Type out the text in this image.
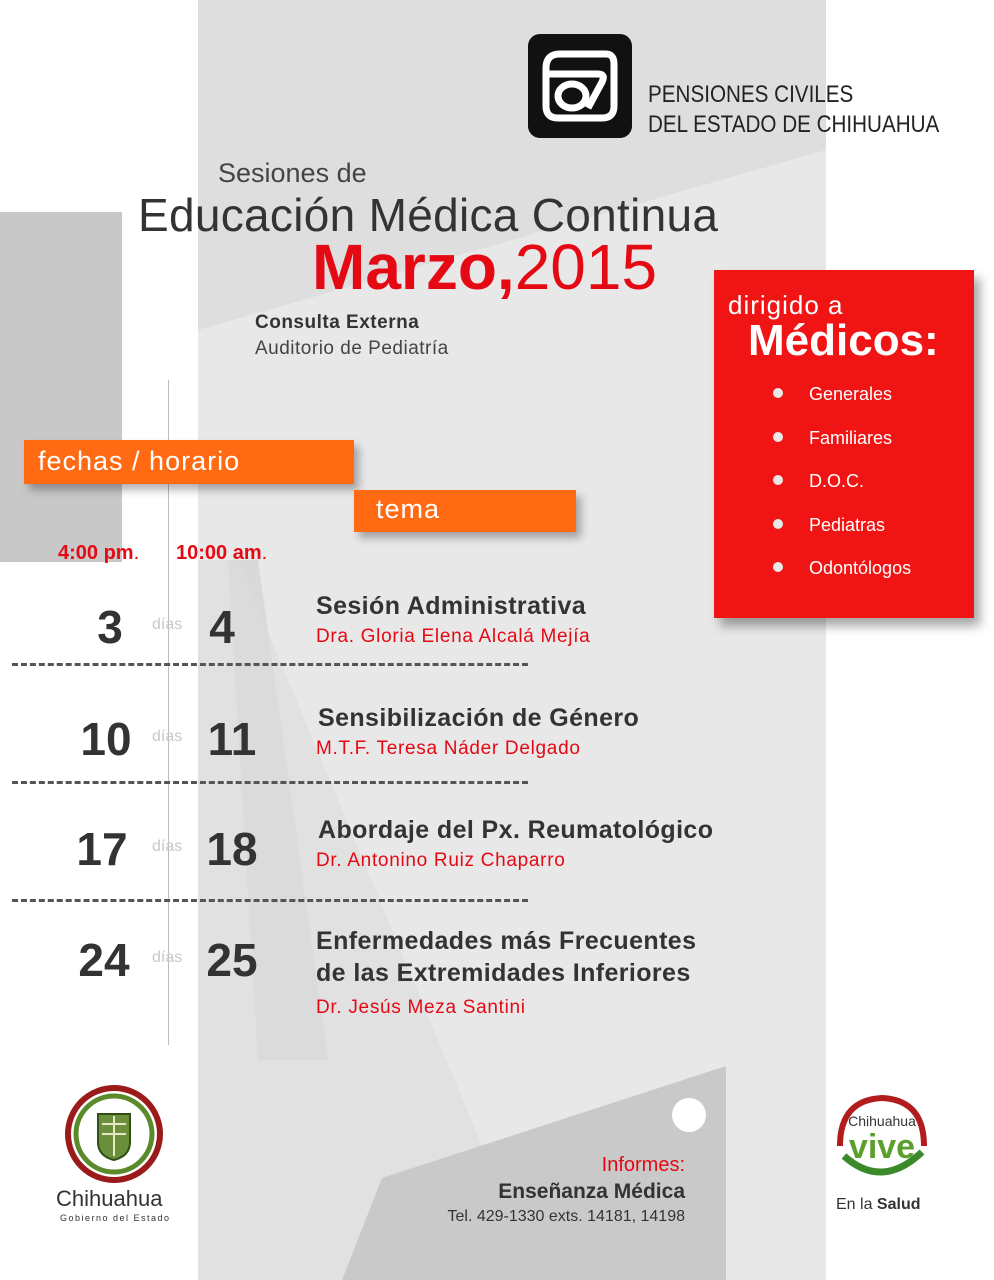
PENSIONES CIVILES
DEL ESTADO DE CHIHUAHUA
Sesiones de
Educación Médica Continua
Marzo,2015
Consulta Externa
Auditorio de Pediatría
Generales
Familiares
D.O.C.
Pediatras
Odontólogos
dirigido a
Médicos:
fechas / horario
tema
4:00 pm. 10:00 am.
3	días 4	Sesión Administrativa
Dra. Gloria Elena Alcalá Mejía
10	días 11	Sensibilización de Género
M.T.F. Teresa Náder Delgado
17	días 18	Abordaje del Px. Reumatológico
Dr. Antonino Ruiz Chaparro
24	días 25	Enfermedades más Frecuentes
de las Extremidades Inferiores
Dr. Jesús Meza Santini
Informes:
Enseñanza Médica
Tel. 429-1330 exts. 14181, 14198
Chihuahua
Gobierno del Estado
Chihuahua
vive
En la Salud
